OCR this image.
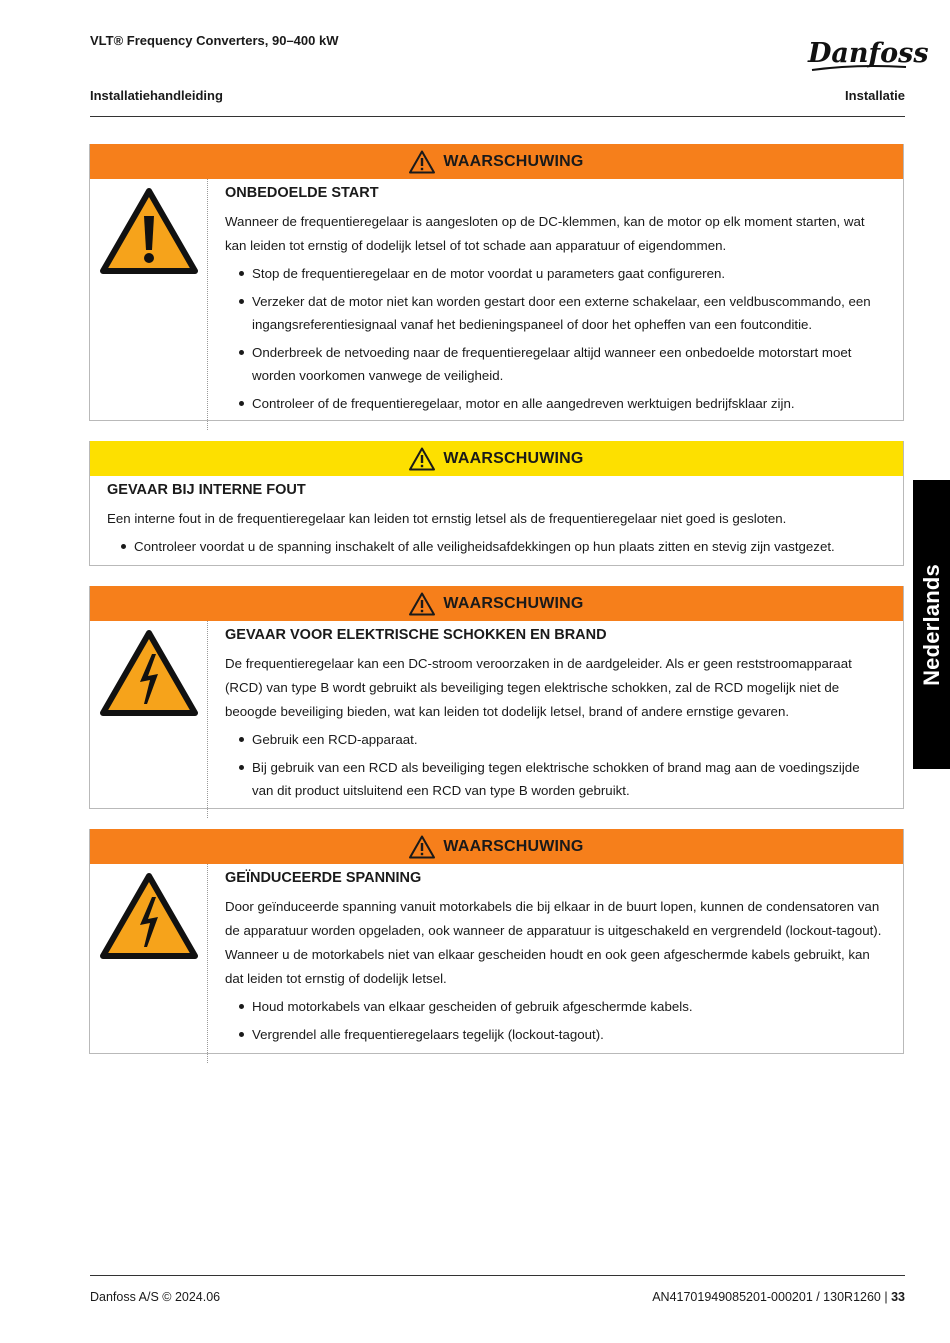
VLT® Frequency Converters, 90–400 kW	Danfoss
Installatiehandleiding	Installatie
Nederlands
WAARSCHUWING
ONBEDOELDE START

Wanneer de frequentieregelaar is aangesloten op de DC-klemmen, kan de motor op elk moment starten, wat kan leiden tot ernstig of dodelijk letsel of tot schade aan apparatuur of eigendommen.

Stop de frequentieregelaar en de motor voordat u parameters gaat configureren.
Verzeker dat de motor niet kan worden gestart door een externe schakelaar, een veldbuscommando, een ingangsreferentiesignaal vanaf het bedieningspaneel of door het opheffen van een foutconditie.
Onderbreek de netvoeding naar de frequentieregelaar altijd wanneer een onbedoelde motorstart moet worden voorkomen vanwege de veiligheid.
Controleer of de frequentieregelaar, motor en alle aangedreven werktuigen bedrijfsklaar zijn.
WAARSCHUWING
GEVAAR BIJ INTERNE FOUT

Een interne fout in de frequentieregelaar kan leiden tot ernstig letsel als de frequentieregelaar niet goed is gesloten.

Controleer voordat u de spanning inschakelt of alle veiligheidsafdekkingen op hun plaats zitten en stevig zijn vastgezet.
WAARSCHUWING
GEVAAR VOOR ELEKTRISCHE SCHOKKEN EN BRAND

De frequentieregelaar kan een DC-stroom veroorzaken in de aardgeleider. Als er geen reststroomapparaat (RCD) van type B wordt gebruikt als beveiliging tegen elektrische schokken, zal de RCD mogelijk niet de beoogde beveiliging bieden, wat kan leiden tot dodelijk letsel, brand of andere ernstige gevaren.

Gebruik een RCD-apparaat.
Bij gebruik van een RCD als beveiliging tegen elektrische schokken of brand mag aan de voedingszijde van dit product uitsluitend een RCD van type B worden gebruikt.
WAARSCHUWING
GEÏNDUCEERDE SPANNING

Door geïnduceerde spanning vanuit motorkabels die bij elkaar in de buurt lopen, kunnen de condensatoren van de apparatuur worden opgeladen, ook wanneer de apparatuur is uitgeschakeld en vergrendeld (lockout-tagout). Wanneer u de motorkabels niet van elkaar gescheiden houdt en ook geen afgeschermde kabels gebruikt, kan dat leiden tot ernstig of dodelijk letsel.

Houd motorkabels van elkaar gescheiden of gebruik afgeschermde kabels.
Vergrendel alle frequentieregelaars tegelijk (lockout-tagout).
Danfoss A/S © 2024.06	AN41701949085201-000201 / 130R1260 | 33
